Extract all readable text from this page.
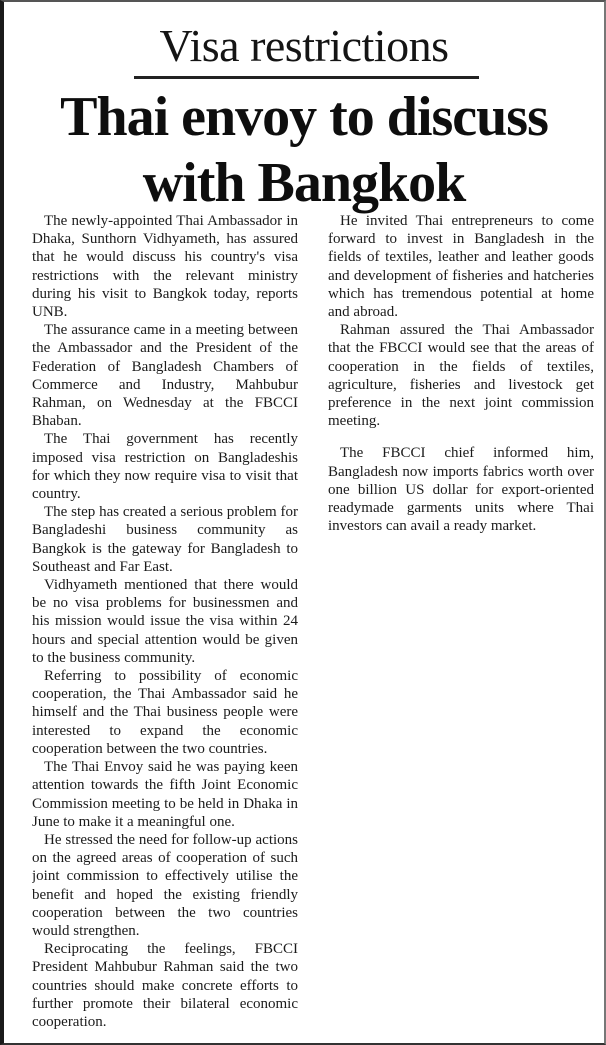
Visa restrictions
Thai envoy to discuss with Bangkok

The newly-appointed Thai Ambassador in Dhaka, Sunthorn Vidhyameth, has assured that he would discuss his country's visa restrictions with the relevant ministry during his visit to Bangkok today, reports UNB.

The assurance came in a meeting between the Ambassador and the President of the Federation of Bangladesh Chambers of Commerce and Industry, Mahbubur Rahman, on Wednesday at the FBCCI Bhaban.

The Thai government has recently imposed visa restriction on Bangladeshis for which they now require visa to visit that country.

The step has created a serious problem for Bangladeshi business community as Bangkok is the gateway for Bangladesh to Southeast and Far East.

Vidhyameth mentioned that there would be no visa problems for businessmen and his mission would issue the visa within 24 hours and special attention would be given to the business community.

Referring to possibility of economic cooperation, the Thai Ambassador said he himself and the Thai business people were interested to expand the economic cooperation between the two countries.

The Thai Envoy said he was paying keen attention towards the fifth Joint Economic Commission meeting to be held in Dhaka in June to make it a meaningful one.

He stressed the need for follow-up actions on the agreed areas of cooperation of such joint commission to effectively utilise the benefit and hoped the existing friendly cooperation between the two countries would strengthen.

Reciprocating the feelings, FBCCI President Mahbubur Rahman said the two countries should make concrete efforts to further promote their bilateral economic cooperation.

He invited Thai entrepreneurs to come forward to invest in Bangladesh in the fields of textiles, leather and leather goods and development of fisheries and hatcheries which has tremendous potential at home and abroad.

Rahman assured the Thai Ambassador that the FBCCI would see that the areas of cooperation in the fields of textiles, agriculture, fisheries and livestock get preference in the next joint commission meeting.

The FBCCI chief informed him, Bangladesh now imports fabrics worth over one billion US dollar for export-oriented readymade garments units where Thai investors can avail a ready market.
